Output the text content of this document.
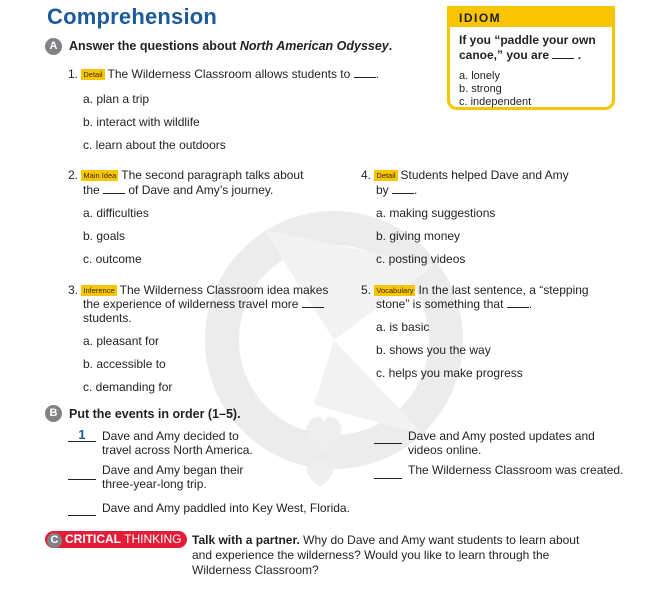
Comprehension	IDIOM
If you “paddle your own canoe,” you are  .
a. lonely
b. strong
c. independent
A Answer the questions about North American Odyssey.
1. Detail The Wilderness Classroom allows students to .
a. plan a trip
b. interact with wildlife
c. learn about the outdoors
2. Main Idea The second paragraph talks about
the of Dave and Amy’s journey.
a. difficulties
b. goals
c. outcome
3. Inference The Wilderness Classroom idea makes
the experience of wilderness travel more
students.
a. pleasant for
b. accessible to
c. demanding for
4. Detail Students helped Dave and Amy
by .
a. making suggestions
b. giving money
c. posting videos
5. Vocabulary In the last sentence, a “stepping
stone” is something that .
a. is basic
b. shows you the way
c. helps you make progress
B Put the events in order (1–5).
1	Dave and Amy decided to
travel across North America.

Dave and Amy began their
three-year-long trip.

Dave and Amy paddled into Key West, Florida.

Dave and Amy posted updates and
videos online.

The Wilderness Classroom was created.
C CRITICAL THINKING Talk with a partner. Why do Dave and Amy want students to learn about
and experience the wilderness? Would you like to learn through the
Wilderness Classroom?
